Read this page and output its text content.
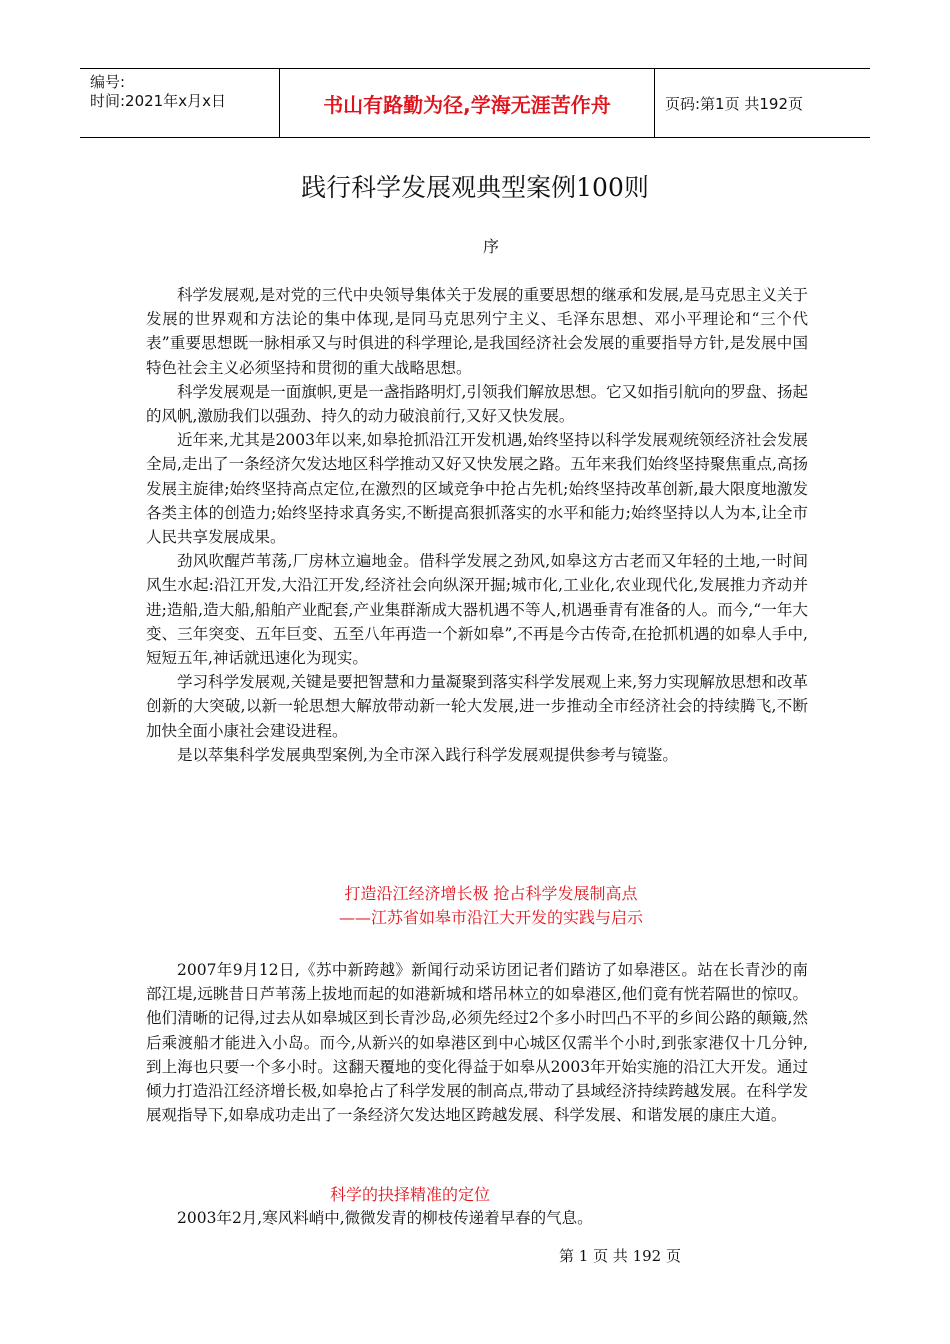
编号:
时间:2021年x月x日	书山有路勤为径,学海无涯苦作舟	页码:第1页 共192页
践行科学发展观典型案例100则
序

科学发展观,是对党的三代中央领导集体关于发展的重要思想的继承和发展,是马克思主义关于发展的世界观和方法论的集中体现,是同马克思列宁主义、毛泽东思想、邓小平理论和“三个代表”重要思想既一脉相承又与时俱进的科学理论,是我国经济社会发展的重要指导方针,是发展中国特色社会主义必须坚持和贯彻的重大战略思想。

科学发展观是一面旗帜,更是一盏指路明灯,引领我们解放思想。它又如指引航向的罗盘、扬起的风帆,激励我们以强劲、持久的动力破浪前行,又好又快发展。

近年来,尤其是2003年以来,如皋抢抓沿江开发机遇,始终坚持以科学发展观统领经济社会发展全局,走出了一条经济欠发达地区科学推动又好又快发展之路。五年来我们始终坚持聚焦重点,高扬发展主旋律;始终坚持高点定位,在激烈的区域竞争中抢占先机;始终坚持改革创新,最大限度地激发各类主体的创造力;始终坚持求真务实,不断提高狠抓落实的水平和能力;始终坚持以人为本,让全市人民共享发展成果。

劲风吹醒芦苇荡,厂房林立遍地金。借科学发展之劲风,如皋这方古老而又年轻的土地,一时间风生水起:沿江开发,大沿江开发,经济社会向纵深开掘;城市化,工业化,农业现代化,发展推力齐动并进;造船,造大船,船舶产业配套,产业集群渐成大器机遇不等人,机遇垂青有准备的人。而今,“一年大变、三年突变、五年巨变、五至八年再造一个新如皋”,不再是今古传奇,在抢抓机遇的如皋人手中,短短五年,神话就迅速化为现实。

学习科学发展观,关键是要把智慧和力量凝聚到落实科学发展观上来,努力实现解放思想和改革创新的大突破,以新一轮思想大解放带动新一轮大发展,进一步推动全市经济社会的持续腾飞,不断加快全面小康社会建设进程。

是以萃集科学发展典型案例,为全市深入践行科学发展观提供参考与镜鉴。

打造沿江经济增长极 抢占科学发展制高点
——江苏省如皋市沿江大开发的实践与启示

2007年9月12日,《苏中新跨越》新闻行动采访团记者们踏访了如皋港区。站在长青沙的南部江堤,远眺昔日芦苇荡上拔地而起的如港新城和塔吊林立的如皋港区,他们竟有恍若隔世的惊叹。他们清晰的记得,过去从如皋城区到长青沙岛,必须先经过2个多小时凹凸不平的乡间公路的颠簸,然后乘渡船才能进入小岛。而今,从新兴的如皋港区到中心城区仅需半个小时,到张家港仅十几分钟,到上海也只要一个多小时。这翻天覆地的变化得益于如皋从2003年开始实施的沿江大开发。通过倾力打造沿江经济增长极,如皋抢占了科学发展的制高点,带动了县域经济持续跨越发展。在科学发展观指导下,如皋成功走出了一条经济欠发达地区跨越发展、科学发展、和谐发展的康庄大道。

科学的抉择精准的定位

2003年2月,寒风料峭中,微微发青的柳枝传递着早春的气息。

第 1 页 共 192 页
